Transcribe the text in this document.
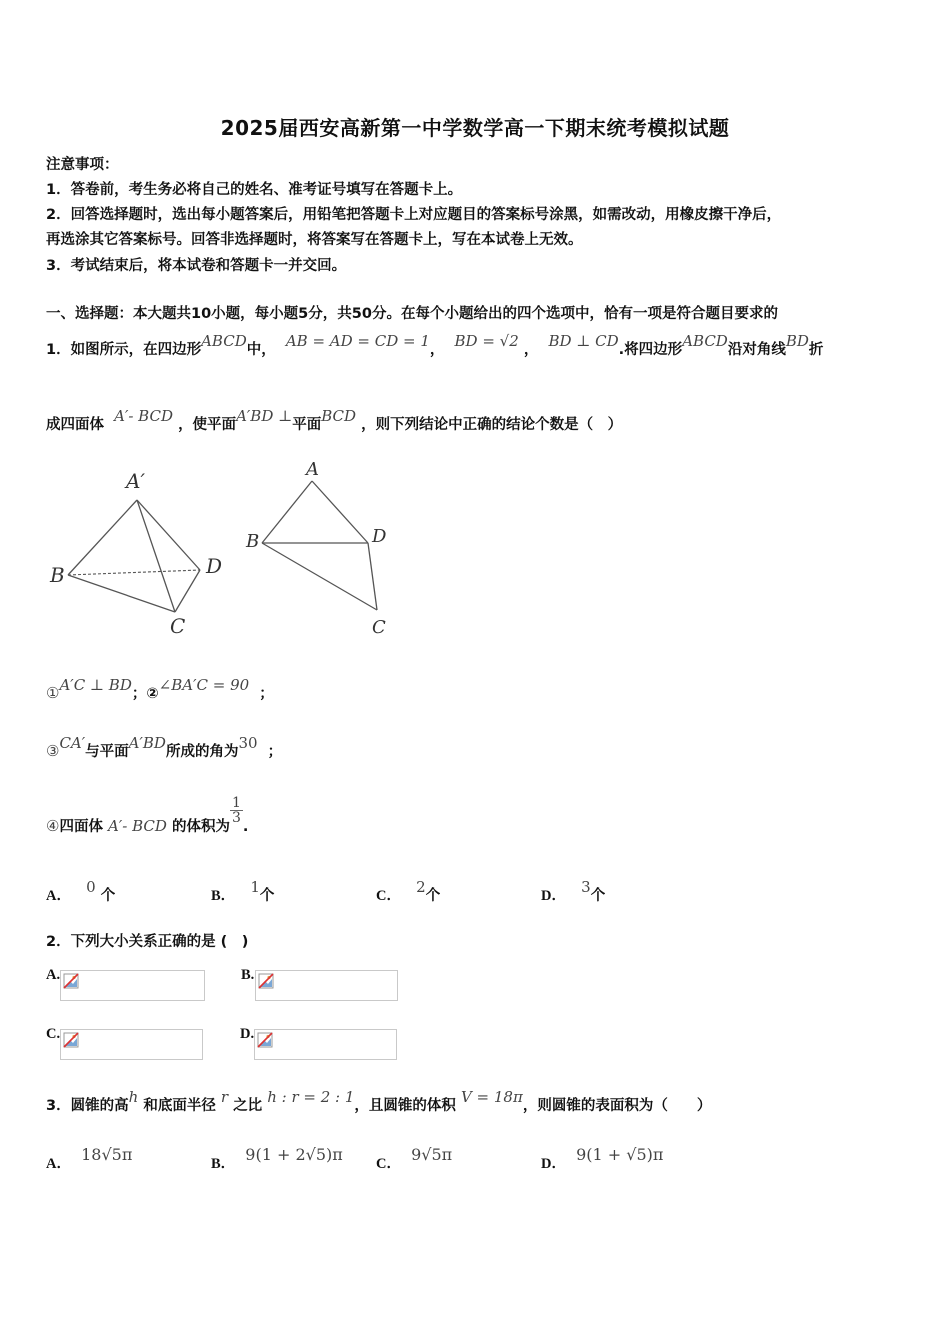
2025届西安高新第一中学数学高一下期末统考模拟试题
注意事项：
1．答卷前，考生务必将自己的姓名、准考证号填写在答题卡上。
2．回答选择题时，选出每小题答案后，用铅笔把答题卡上对应题目的答案标号涂黑，如需改动，用橡皮擦干净后，
再选涂其它答案标号。回答非选择题时，将答案写在答题卡上，写在本试卷上无效。
3．考试结束后，将本试卷和答题卡一并交回。
一、选择题：本大题共10小题，每小题5分，共50分。在每个小题给出的四个选项中，恰有一项是符合题目要求的
1．如图所示，在四边形ABCD中， AB = AD = CD = 1， BD = √2 ， BD ⊥ CD.将四边形ABCD沿对角线BD折
成四面体 A′- BCD ，使平面A′BD ⊥平面BCD ，则下列结论中正确的结论个数是（　）
A′
B	D
C
A
B	D
C
①A′C ⊥ BD；②∠BA′C = 90 ；
③CA′与平面A′BD所成的角为30 ；
④四面体 A′- BCD 的体积为
$\frac{1}{3}$
.
A． 0 个	B． 1个	C． 2个	D． 3个
2．下列大小关系正确的是 (　)
A.	B.
C.	D.
3．圆锥的高h 和底面半径 r 之比 h : r = 2 : 1，且圆锥的体积 V = 18π，则圆锥的表面积为（　　）
A． 18√5π	B． 9(1 + 2√5)π C． 9√5π	D． 9(1 + √5)π
